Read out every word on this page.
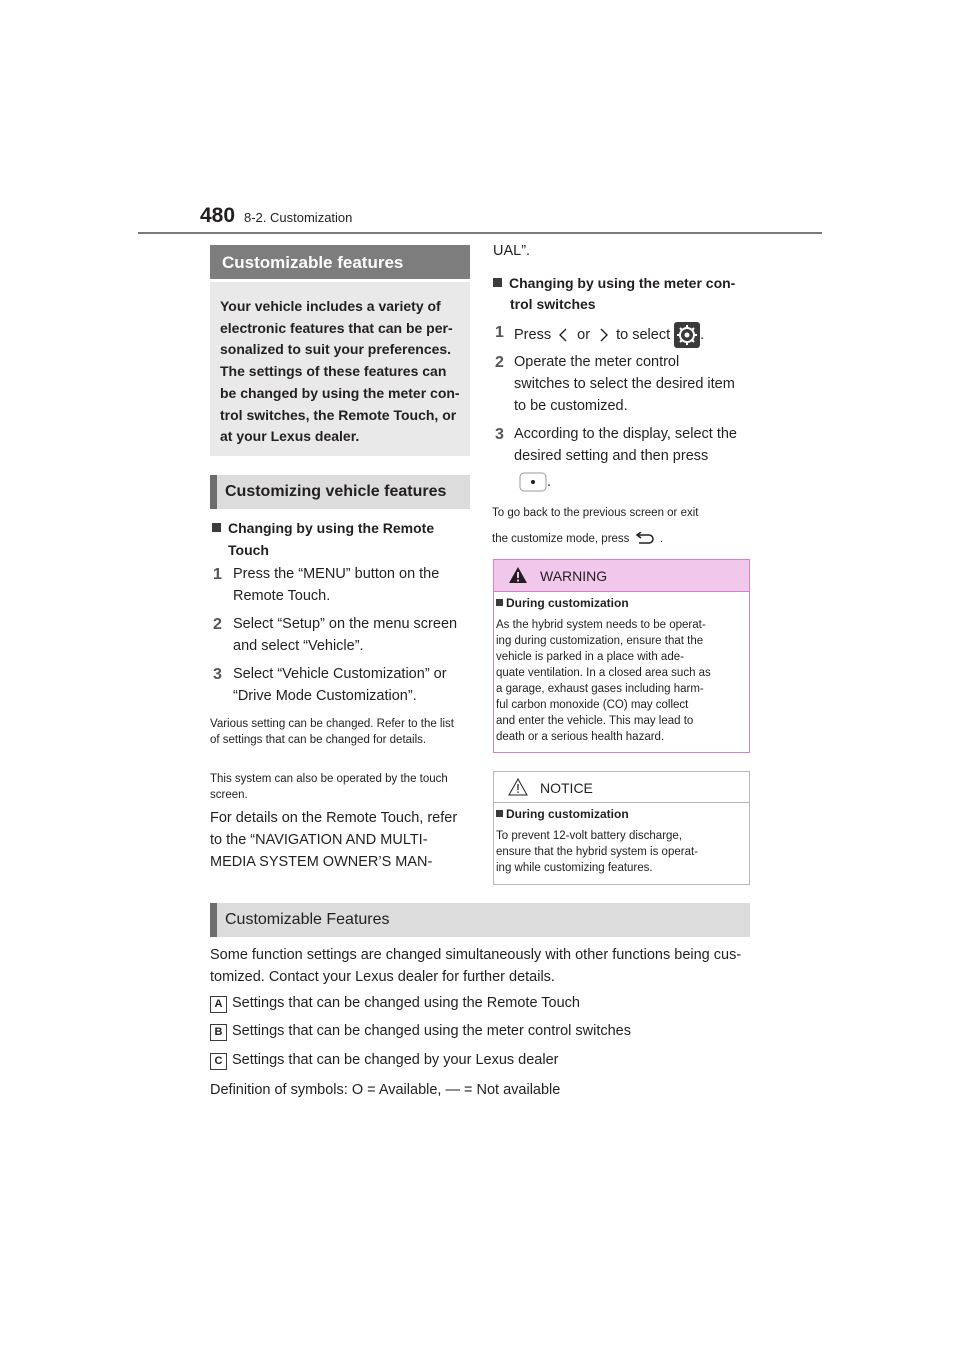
480 8-2. Customization
Customizable features
Your vehicle includes a variety of electronic features that can be per-sonalized to suit your preferences. The settings of these features can be changed by using the meter con-trol switches, the Remote Touch, or at your Lexus dealer.
Customizing vehicle features
Changing by using the Remote
Touch
1 Press the “MENU” button on the
Remote Touch.
2 Select “Setup” on the menu screen
and select “Vehicle”.
3 Select “Vehicle Customization” or
“Drive Mode Customization”.
Various setting can be changed. Refer to the list of settings that can be changed for details.
This system can also be operated by the touch screen.
For details on the Remote Touch, refer
to the “NAVIGATION AND MULTI-
MEDIA SYSTEM OWNER’S MAN-
UAL”.
Changing by using the meter con-
trol switches
1 Press or to select .
2 Operate the meter control
switches to select the desired item
to be customized.
3 According to the display, select the
desired setting and then press
.
To go back to the previous screen or exit
the customize mode, press	.
WARNING
During customization
As the hybrid system needs to be operat-
ing during customization, ensure that the
vehicle is parked in a place with ade-
quate ventilation. In a closed area such as
a garage, exhaust gases including harm-
ful carbon monoxide (CO) may collect
and enter the vehicle. This may lead to
death or a serious health hazard.
NOTICE
During customization
To prevent 12-volt battery discharge,
ensure that the hybrid system is operat-
ing while customizing features.
Customizable Features
Some function settings are changed simultaneously with other functions being cus-
tomized. Contact your Lexus dealer for further details.
A Settings that can be changed using the Remote Touch
B Settings that can be changed using the meter control switches
C Settings that can be changed by your Lexus dealer
Definition of symbols: O = Available, — = Not available
